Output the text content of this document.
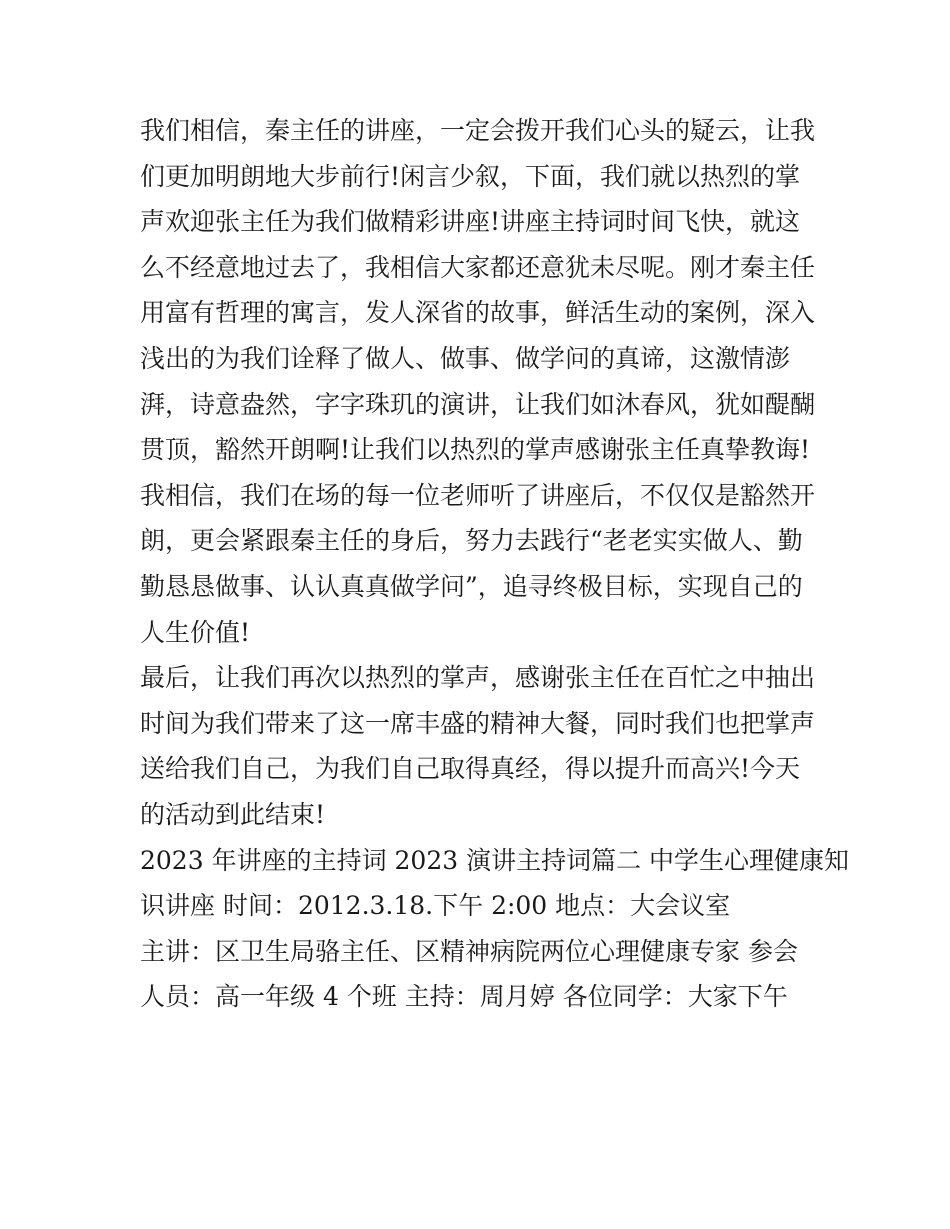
我们相信，秦主任的讲座，一定会拨开我们心头的疑云，让我
们更加明朗地大步前行!闲言少叙，下面，我们就以热烈的掌
声欢迎张主任为我们做精彩讲座!讲座主持词时间飞快，就这
么不经意地过去了，我相信大家都还意犹未尽呢。刚才秦主任
用富有哲理的寓言，发人深省的故事，鲜活生动的案例，深入
浅出的为我们诠释了做人、做事、做学问的真谛，这激情澎
湃，诗意盎然，字字珠玑的演讲，让我们如沐春风，犹如醍醐
贯顶，豁然开朗啊!让我们以热烈的掌声感谢张主任真挚教诲!
我相信，我们在场的每一位老师听了讲座后，不仅仅是豁然开
朗，更会紧跟秦主任的身后，努力去践行“老老实实做人、勤
勤恳恳做事、认认真真做学问”，追寻终极目标，实现自己的
人生价值!
最后，让我们再次以热烈的掌声，感谢张主任在百忙之中抽出
时间为我们带来了这一席丰盛的精神大餐，同时我们也把掌声
送给我们自己，为我们自己取得真经，得以提升而高兴!今天
的活动到此结束!
2023 年讲座的主持词 2023 演讲主持词篇二 中学生心理健康知
识讲座 时间：2012.3.18.下午 2:00 地点：大会议室
主讲：区卫生局骆主任、区精神病院两位心理健康专家 参会
人员：高一年级 4 个班 主持：周月婷 各位同学：大家下午
